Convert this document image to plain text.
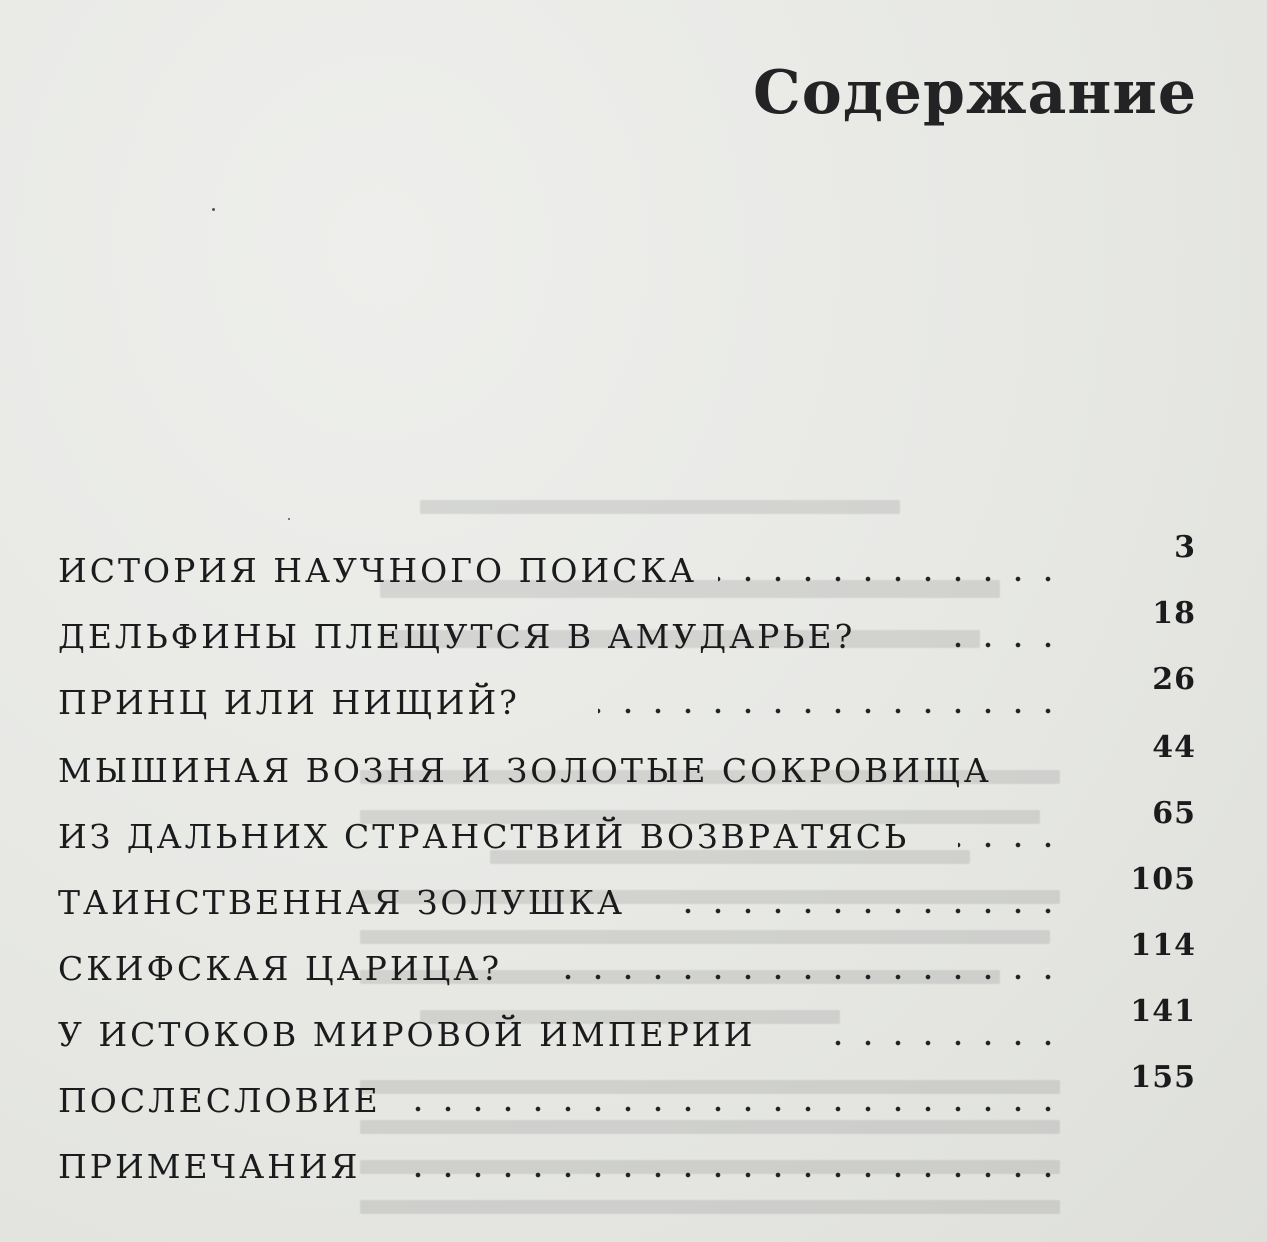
Содержание
ИСТОРИЯ НАУЧНОГО ПОИСКА
3
ДЕЛЬФИНЫ ПЛЕЩУТСЯ В АМУДАРЬЕ?
18
ПРИНЦ ИЛИ НИЩИЙ?
26
МЫШИНАЯ ВОЗНЯ И ЗОЛОТЫЕ СОКРОВИЩА
44
ИЗ ДАЛЬНИХ СТРАНСТВИЙ ВОЗВРАТЯСЬ
65
ТАИНСТВЕННАЯ ЗОЛУШКА
105
СКИФСКАЯ ЦАРИЦА?
114
У ИСТОКОВ МИРОВОЙ ИМПЕРИИ
141
ПОСЛЕСЛОВИЕ
155
ПРИМЕЧАНИЯ
